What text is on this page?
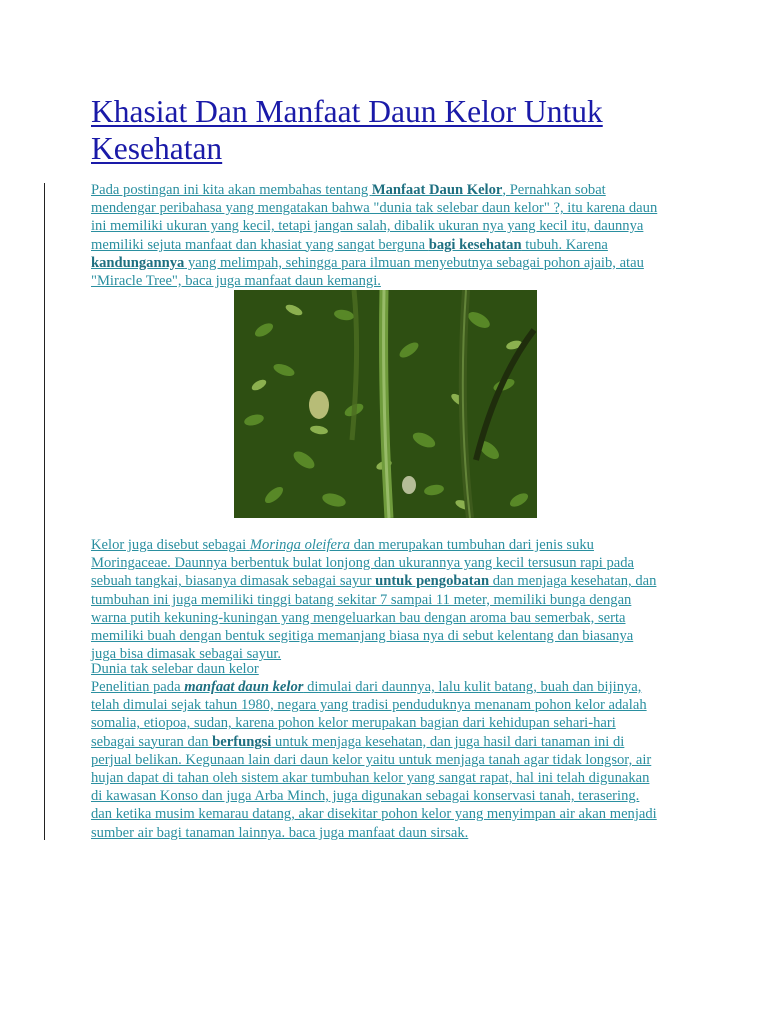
Khasiat Dan Manfaat Daun Kelor Untuk Kesehatan

Pada postingan ini kita akan membahas tentang Manfaat Daun Kelor, Pernahkan sobat
mendengar peribahasa yang mengatakan bahwa "dunia tak selebar daun kelor" ?, itu karena daun
ini memiliki ukuran yang kecil, tetapi jangan salah, dibalik ukuran nya yang kecil itu, daunnya
memiliki sejuta manfaat dan khasiat yang sangat berguna bagi kesehatan tubuh. Karena
kandungannya yang melimpah, sehingga para ilmuan menyebutnya sebagai pohon ajaib, atau
"Miracle Tree", baca juga manfaat daun kemangi.

Kelor juga disebut sebagai Moringa oleifera dan merupakan tumbuhan dari jenis suku
Moringaceae. Daunnya berbentuk bulat lonjong dan ukurannya yang kecil tersusun rapi pada
sebuah tangkai, biasanya dimasak sebagai sayur untuk pengobatan dan menjaga kesehatan, dan
tumbuhan ini juga memiliki tinggi batang sekitar 7 sampai 11 meter, memiliki bunga dengan
warna putih kekuning-kuningan yang mengeluarkan bau dengan aroma bau semerbak, serta
memiliki buah dengan bentuk segitiga memanjang biasa nya di sebut kelentang dan biasanya
juga bisa dimasak sebagai sayur.

Dunia tak selebar daun kelor

Penelitian pada manfaat daun kelor dimulai dari daunnya, lalu kulit batang, buah dan bijinya,
telah dimulai sejak tahun 1980, negara yang tradisi penduduknya menanam pohon kelor adalah
somalia, etiopoa, sudan, karena pohon kelor merupakan bagian dari kehidupan sehari-hari
sebagai sayuran dan berfungsi untuk menjaga kesehatan, dan juga hasil dari tanaman ini di
perjual belikan. Kegunaan lain dari daun kelor yaitu untuk menjaga tanah agar tidak longsor, air
hujan dapat di tahan oleh sistem akar tumbuhan kelor yang sangat rapat, hal ini telah digunakan
di kawasan Konso dan juga Arba Minch, juga digunakan sebagai konservasi tanah, terasering.
dan ketika musim kemarau datang, akar disekitar pohon kelor yang menyimpan air akan menjadi
sumber air bagi tanaman lainnya. baca juga manfaat daun sirsak.
